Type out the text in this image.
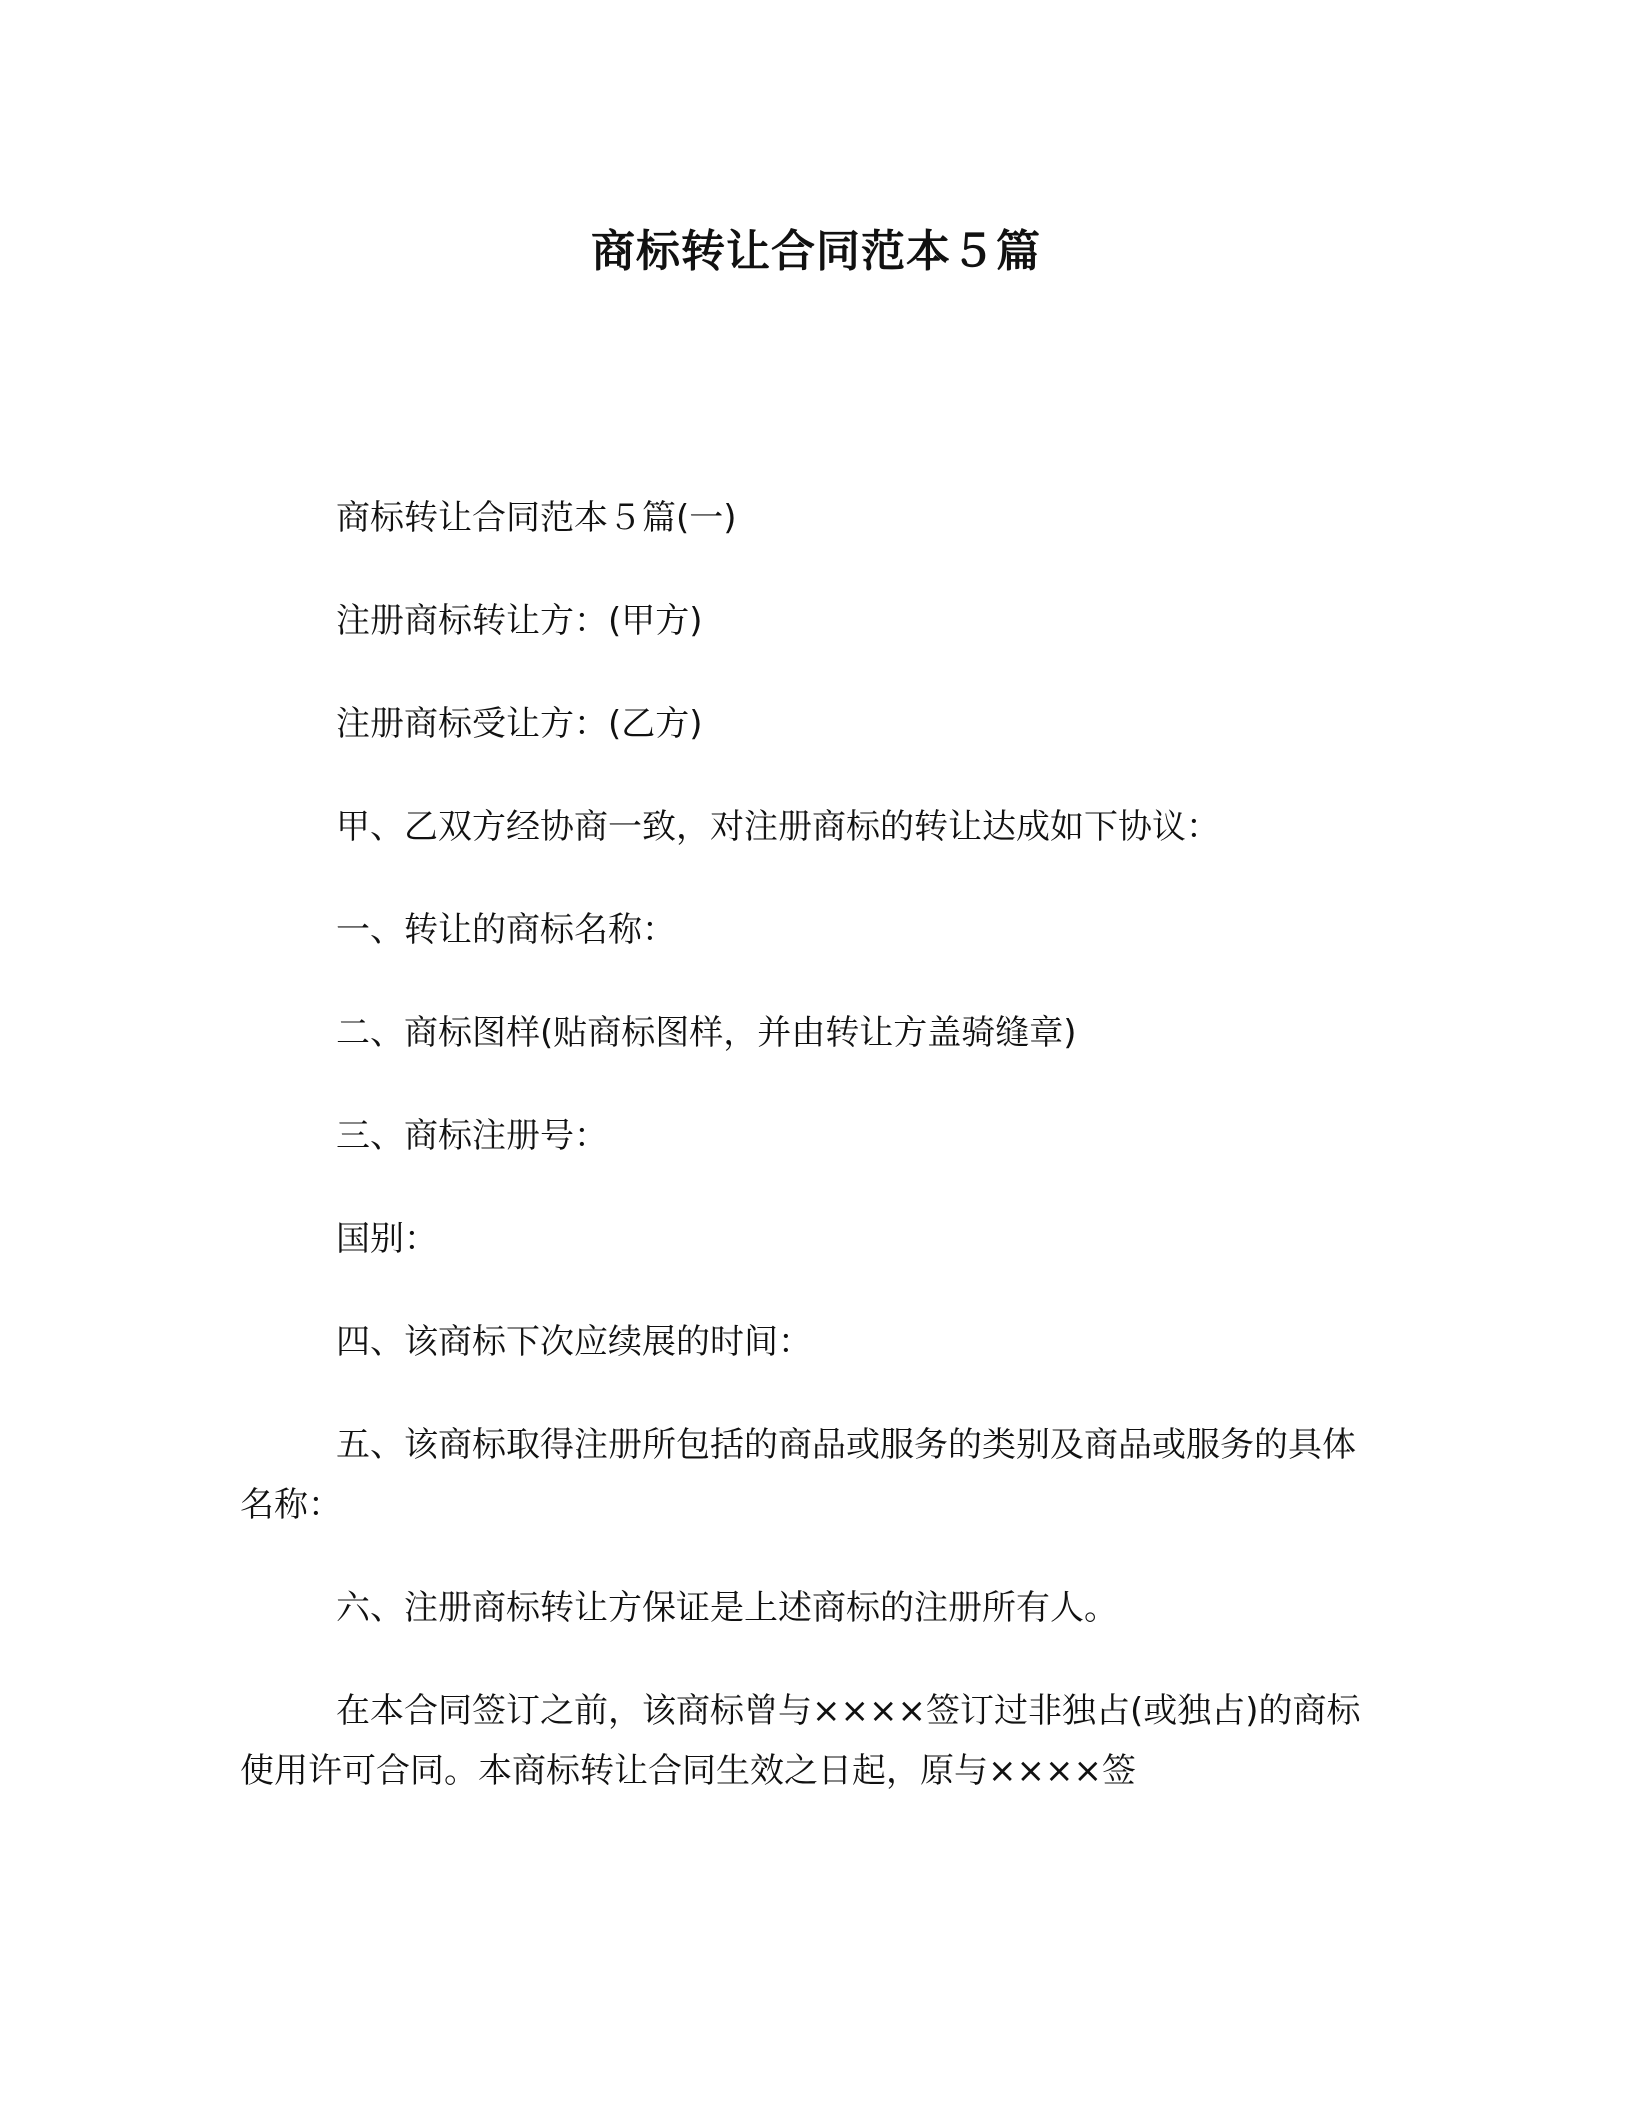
商标转让合同范本５篇

商标转让合同范本５篇(一)

注册商标转让方：(甲方)

注册商标受让方：(乙方)

甲、乙双方经协商一致，对注册商标的转让达成如下协议：

一、转让的商标名称：

二、商标图样(贴商标图样，并由转让方盖骑缝章)

三、商标注册号：

国别：

四、该商标下次应续展的时间：

五、该商标取得注册所包括的商品或服务的类别及商品或服务的具体名称：

六、注册商标转让方保证是上述商标的注册所有人。

在本合同签订之前，该商标曾与××××签订过非独占(或独占)的商标使用许可合同。本商标转让合同生效之日起，原与××××签
